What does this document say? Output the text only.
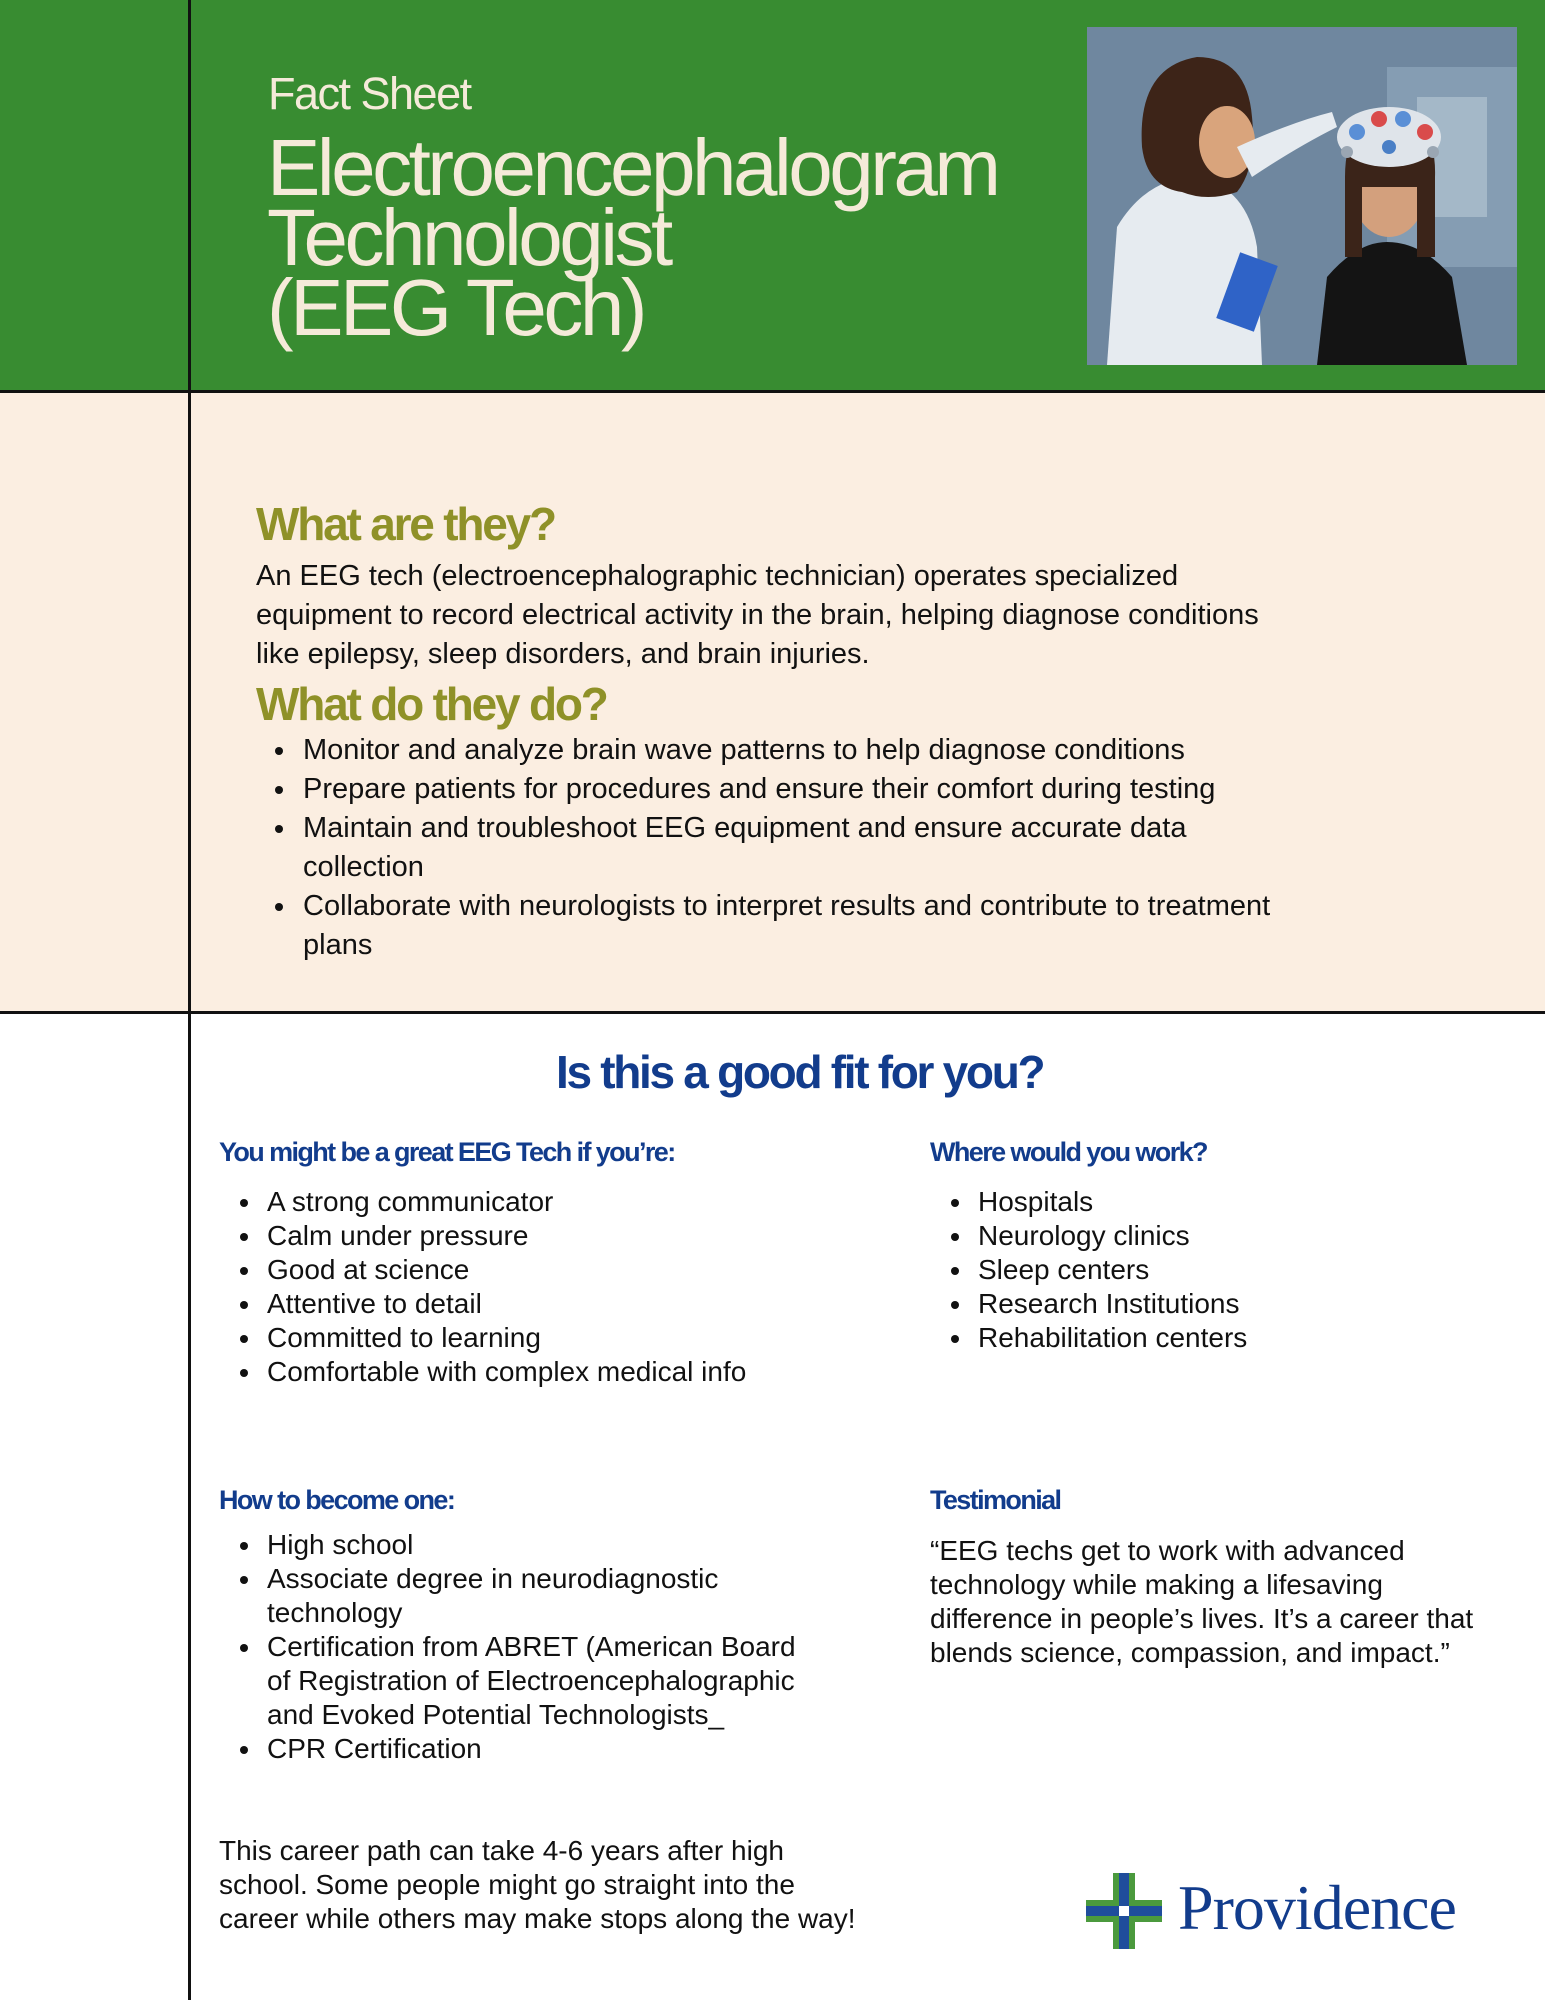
Fact Sheet
Electroencephalogram
Technologist
(EEG Tech)
What are they?
An EEG tech (electroencephalographic technician) operates specialized equipment to record electrical activity in the brain, helping diagnose conditions like epilepsy, sleep disorders, and brain injuries.
What do they do?
Monitor and analyze brain wave patterns to help diagnose conditions
Prepare patients for procedures and ensure their comfort during testing
Maintain and troubleshoot EEG equipment and ensure accurate data collection
Collaborate with neurologists to interpret results and contribute to treatment plans
Is this a good fit for you?
You might be a great EEG Tech if you’re:
A strong communicator
Calm under pressure
Good at science
Attentive to detail
Committed to learning
Comfortable with complex medical info
Where would you work?
Hospitals
Neurology clinics
Sleep centers
Research Institutions
Rehabilitation centers
How to become one:
High school
Associate degree in neurodiagnostic technology
Certification from ABRET (American Board of Registration of Electroencephalographic and Evoked Potential Technologists_
CPR Certification
Testimonial
“EEG techs get to work with advanced technology while making a lifesaving difference in people’s lives. It’s a career that blends science, compassion, and impact.”
This career path can take 4-6 years after high school. Some people might go straight into the career while others may make stops along the way!	Providence
